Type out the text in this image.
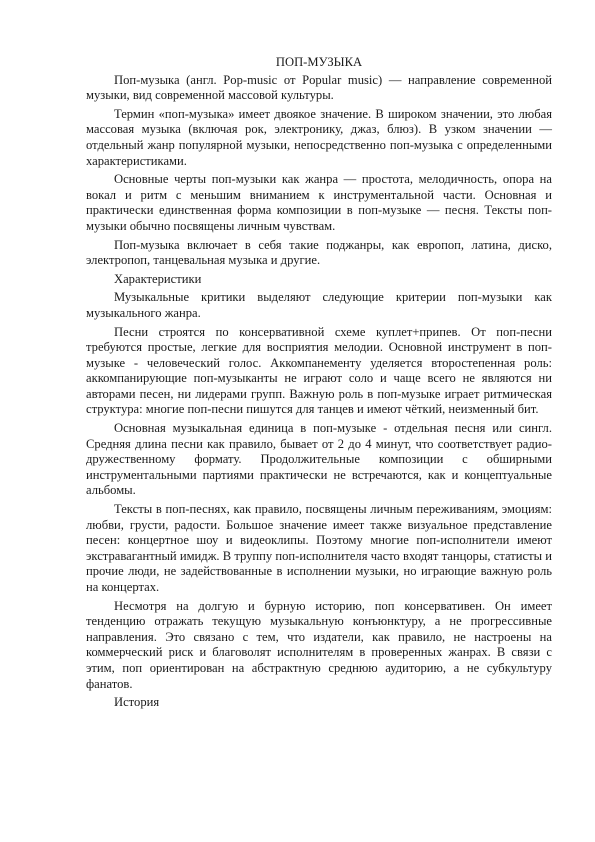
ПОП-МУЗЫКА

Поп-музыка (англ. Pop-music от Popular music) — направление современной музыки, вид современной массовой культуры.

Термин «поп-музыка» имеет двоякое значение. В широком значении, это любая массовая музыка (включая рок, электронику, джаз, блюз). В узком значении — отдельный жанр популярной музыки, непосредственно поп-музыка с определенными характеристиками.

Основные черты поп-музыки как жанра — простота, мелодичность, опора на вокал и ритм с меньшим вниманием к инструментальной части. Основная и практически единственная форма композиции в поп-музыке — песня. Тексты поп-музыки обычно посвящены личным чувствам.

Поп-музыка включает в себя такие поджанры, как европоп, латина, диско, электропоп, танцевальная музыка и другие.

Характеристики

Музыкальные критики выделяют следующие критерии поп-музыки как музыкального жанра.

Песни строятся по консервативной схеме куплет+припев. От поп-песни требуются простые, легкие для восприятия мелодии. Основной инструмент в поп-музыке - человеческий голос. Аккомпанементу уделяется второстепенная роль: аккомпанирующие поп-музыканты не играют соло и чаще всего не являются ни авторами песен, ни лидерами групп. Важную роль в поп-музыке играет ритмическая структура: многие поп-песни пишутся для танцев и имеют чёткий, неизменный бит.

Основная музыкальная единица в поп-музыке - отдельная песня или сингл. Средняя длина песни как правило, бывает от 2 до 4 минут, что соответствует радио-дружественному формату. Продолжительные композиции с обширными инструментальными партиями практически не встречаются, как и концептуальные альбомы.

Тексты в поп-песнях, как правило, посвящены личным переживаниям, эмоциям: любви, грусти, радости. Большое значение имеет также визуальное представление песен: концертное шоу и видеоклипы. Поэтому многие поп-исполнители имеют экстравагантный имидж. В труппу поп-исполнителя часто входят танцоры, статисты и прочие люди, не задействованные в исполнении музыки, но играющие важную роль на концертах.

Несмотря на долгую и бурную историю, поп консервативен. Он имеет тенденцию отражать текущую музыкальную конъюнктуру, а не прогрессивные направления. Это связано с тем, что издатели, как правило, не настроены на коммерческий риск и благоволят исполнителям в проверенных жанрах. В связи с этим, поп ориентирован на абстрактную среднюю аудиторию, а не субкультуру фанатов.

История
